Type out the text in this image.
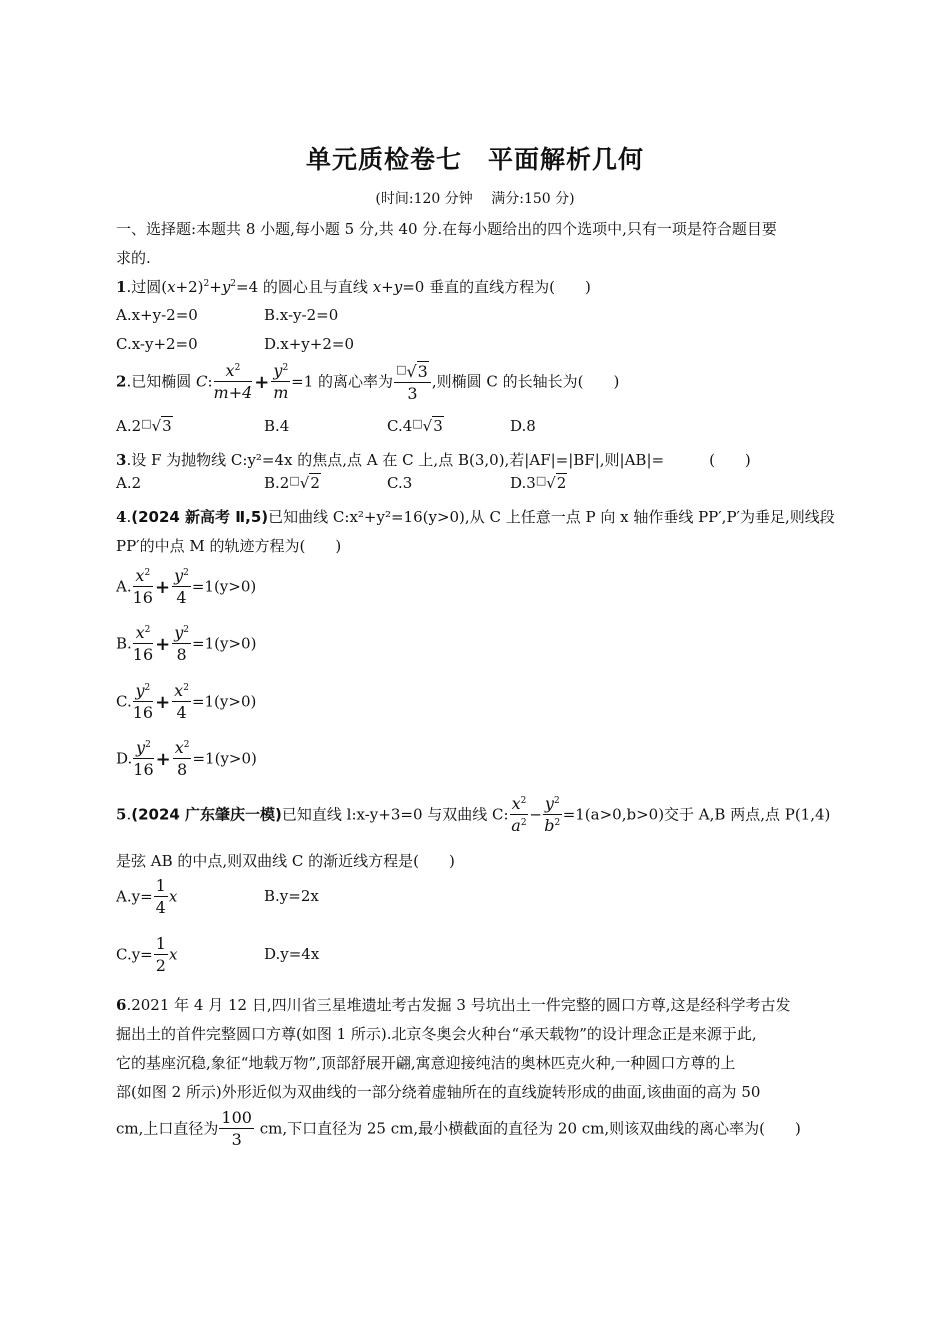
单元质检卷七　平面解析几何
(时间:120 分钟　 满分:150 分)
一、选择题:本题共 8 小题,每小题 5 分,共 40 分.在每小题给出的四个选项中,只有一项是符合题目要
求的.
1.过圆$(x+2)^2+y^2=4$ 的圆心且与直线 x+y=0 垂直的直线方程为(　　)
A.x+y-2=0	B.x-y-2=0
C.x-y+2=0	D.x+y+2=0
2.已知椭圆 C: $\frac{x^2}{m+4} + \frac{y^2}{m} =1$ 的离心率为 $\frac{^□√3}{3}$ ,则椭圆 C 的长轴长为(　　)
A.2□√3	B.4	C.4□√3	D.8
3.设 F 为抛物线 C:y²=4x 的焦点,点 A 在 C 上,点 B(3,0),若|AF|=|BF|,则|AB|=　　　(　　)
A.2	B.2□√2	C.3	D.3□√2
4.(2024 新高考 Ⅱ,5)已知曲线 C:x²+y²=16(y>0),从 C 上任意一点 P 向 x 轴作垂线 PP′,P′为垂足,则线段
PP′的中点 M 的轨迹方程为(　　)
A. $\frac{x^2}{16} + \frac{y^2}{4} =1(y>0)$
B. $\frac{x^2}{16} + \frac{y^2}{8} =1(y>0)$
C. $\frac{y^2}{16} + \frac{x^2}{4} =1(y>0)$
D. $\frac{y^2}{16} + \frac{x^2}{8} =1(y>0)$
5.(2024 广东肇庆一模)已知直线 l:x-y+3=0 与双曲线 C: $\frac{x^2}{a^2} - \frac{y^2}{b^2} =1(a>0,b>0)$交于 A,B 两点,点 P(1,4)
是弦 AB 的中点,则双曲线 C 的渐近线方程是(　　)
$A.y= \frac{1}{4}$ x	B.y=2x
$C.y= \frac{1}{2}$ x	D.y=4x
6.2021 年 4 月 12 日,四川省三星堆遗址考古发掘 3 号坑出土一件完整的圆口方尊,这是经科学考古发
掘出土的首件完整圆口方尊(如图 1 所示).北京冬奥会火种台“承天载物”的设计理念正是来源于此,
它的基座沉稳,象征“地载万物”,顶部舒展开翩,寓意迎接纯洁的奥林匹克火种,一种圆口方尊的上
部(如图 2 所示)外形近似为双曲线的一部分绕着虚轴所在的直线旋转形成的曲面,该曲面的高为 50
cm,上口直径为 $\frac{100}{3}$ cm,下口直径为 25 cm,最小横截面的直径为 20 cm,则该双曲线的离心率为(　　)
